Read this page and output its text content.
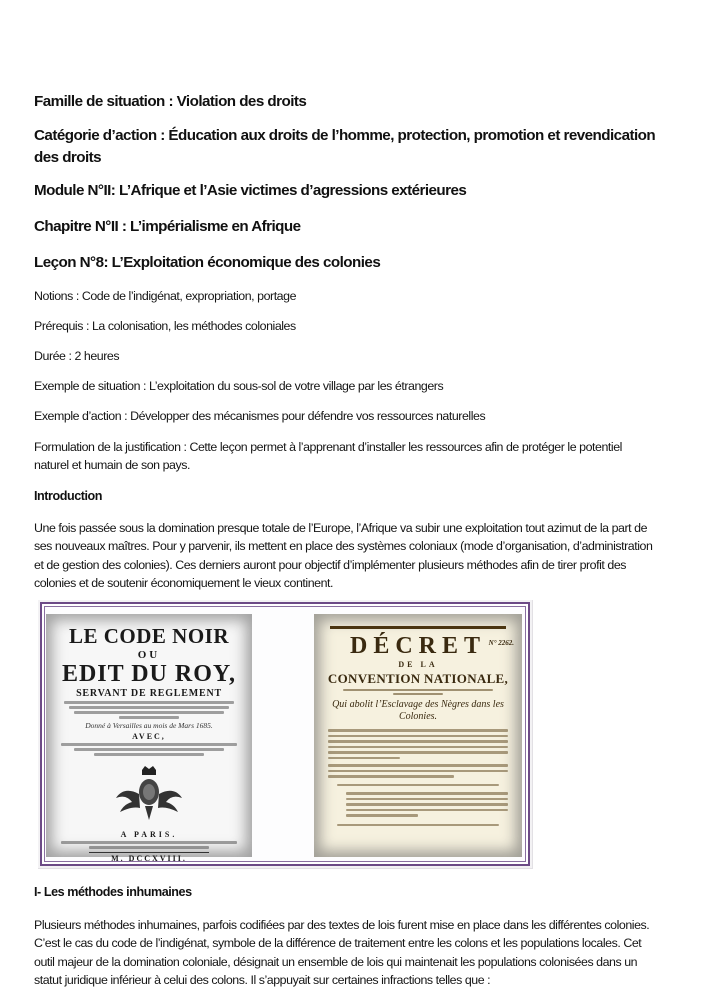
Famille de situation : Violation des droits
Catégorie d’action : Éducation aux droits de l’homme, protection, promotion et revendication
des droits
Module N°II: L’Afrique et l’Asie victimes d’agressions extérieures
Chapitre N°II : L’impérialisme en Afrique
Leçon N°8: L’Exploitation économique des colonies
Notions : Code de l’indigénat, expropriation, portage
Prérequis : La colonisation, les méthodes coloniales
Durée : 2 heures
Exemple de situation : L’exploitation du sous-sol de votre village par les étrangers
Exemple d’action : Développer des mécanismes pour défendre vos ressources naturelles
Formulation de la justification : Cette leçon permet à l’apprenant d’installer les ressources afin de protéger le potentiel
naturel et humain de son pays.
Introduction
Une fois passée sous la domination presque totale de l’Europe, l’Afrique va subir une exploitation tout azimut de la part de
ses nouveaux maîtres. Pour y parvenir, ils mettent en place des systèmes coloniaux (mode d’organisation, d’administration
et de gestion des colonies). Ces derniers auront pour objectif d’implémenter plusieurs méthodes afin de tirer profit des
colonies et de soutenir économiquement le vieux continent.
LE CODE NOIR
OU
EDIT DU ROY,
SERVANT DE REGLEMENT
Donné à Versailles au mois de Mars 1685.
AVEC,
A PARIS.
M. DCCXVIII.
DÉCRET N° 2262.
DE LA
CONVENTION NATIONALE,
Qui abolit l’Esclavage des Nègres dans les Colonies.
I- Les méthodes inhumaines
Plusieurs méthodes inhumaines, parfois codifiées par des textes de lois furent mise en place dans les différentes colonies.
C’est le cas du code de l’indigénat, symbole de la différence de traitement entre les colons et les populations locales. Cet
outil majeur de la domination coloniale, désignait un ensemble de lois qui maintenait les populations colonisées dans un
statut juridique inférieur à celui des colons. Il s’appuyait sur certaines infractions telles que :
